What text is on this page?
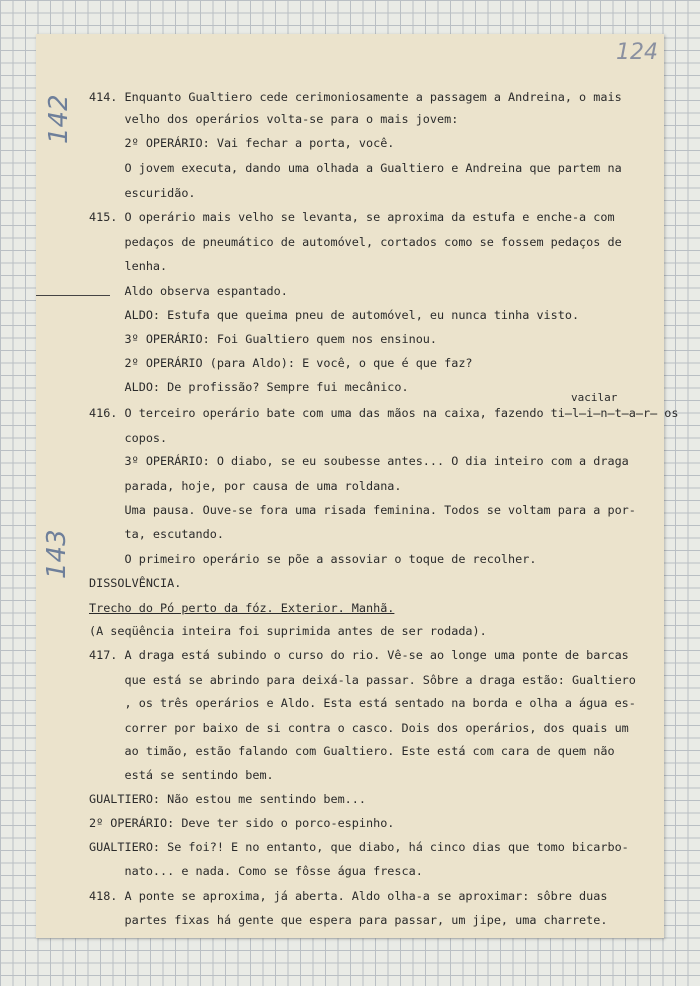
124
142
143
vacilar
414. Enquanto Gualtiero cede cerimoniosamente a passagem a Andreina, o mais
velho dos operários volta-se para o mais jovem:
2º OPERÁRIO: Vai fechar a porta, você.
O jovem executa, dando uma olhada a Gualtiero e Andreina que partem na
escuridão.
415. O operário mais velho se levanta, se aproxima da estufa e enche-a com
pedaços de pneumático de automóvel, cortados como se fossem pedaços de
lenha.
Aldo observa espantado.
ALDO: Estufa que queima pneu de automóvel, eu nunca tinha visto.
3º OPERÁRIO: Foi Gualtiero quem nos ensinou.
2º OPERÁRIO (para Aldo): E você, o que é que faz?
ALDO: De profissão? Sempre fui mecânico.
416. O terceiro operário bate com uma das mãos na caixa, fazendo ti̶l̶i̶n̶t̶a̶r̶ os
copos.
3º OPERÁRIO: O diabo, se eu soubesse antes... O dia inteiro com a draga
parada, hoje, por causa de uma roldana.
Uma pausa. Ouve-se fora uma risada feminina. Todos se voltam para a por-
ta, escutando.
O primeiro operário se põe a assoviar o toque de recolher.
DISSOLVÊNCIA.
Trecho do Pó perto da fóz. Exterior. Manhã.
(A seqüência inteira foi suprimida antes de ser rodada).
417. A draga está subindo o curso do rio. Vê-se ao longe uma ponte de barcas
que está se abrindo para deixá-la passar. Sôbre a draga estão: Gualtiero
, os três operários e Aldo. Esta está sentado na borda e olha a água es-
correr por baixo de si contra o casco. Dois dos operários, dos quais um
ao timão, estão falando com Gualtiero. Este está com cara de quem não
está se sentindo bem.
GUALTIERO: Não estou me sentindo bem...
2º OPERÁRIO: Deve ter sido o porco-espinho.
GUALTIERO: Se foi?! E no entanto, que diabo, há cinco dias que tomo bicarbo-
nato... e nada. Como se fôsse água fresca.
418. A ponte se aproxima, já aberta. Aldo olha-a se aproximar: sôbre duas
partes fixas há gente que espera para passar, um jipe, uma charrete.
